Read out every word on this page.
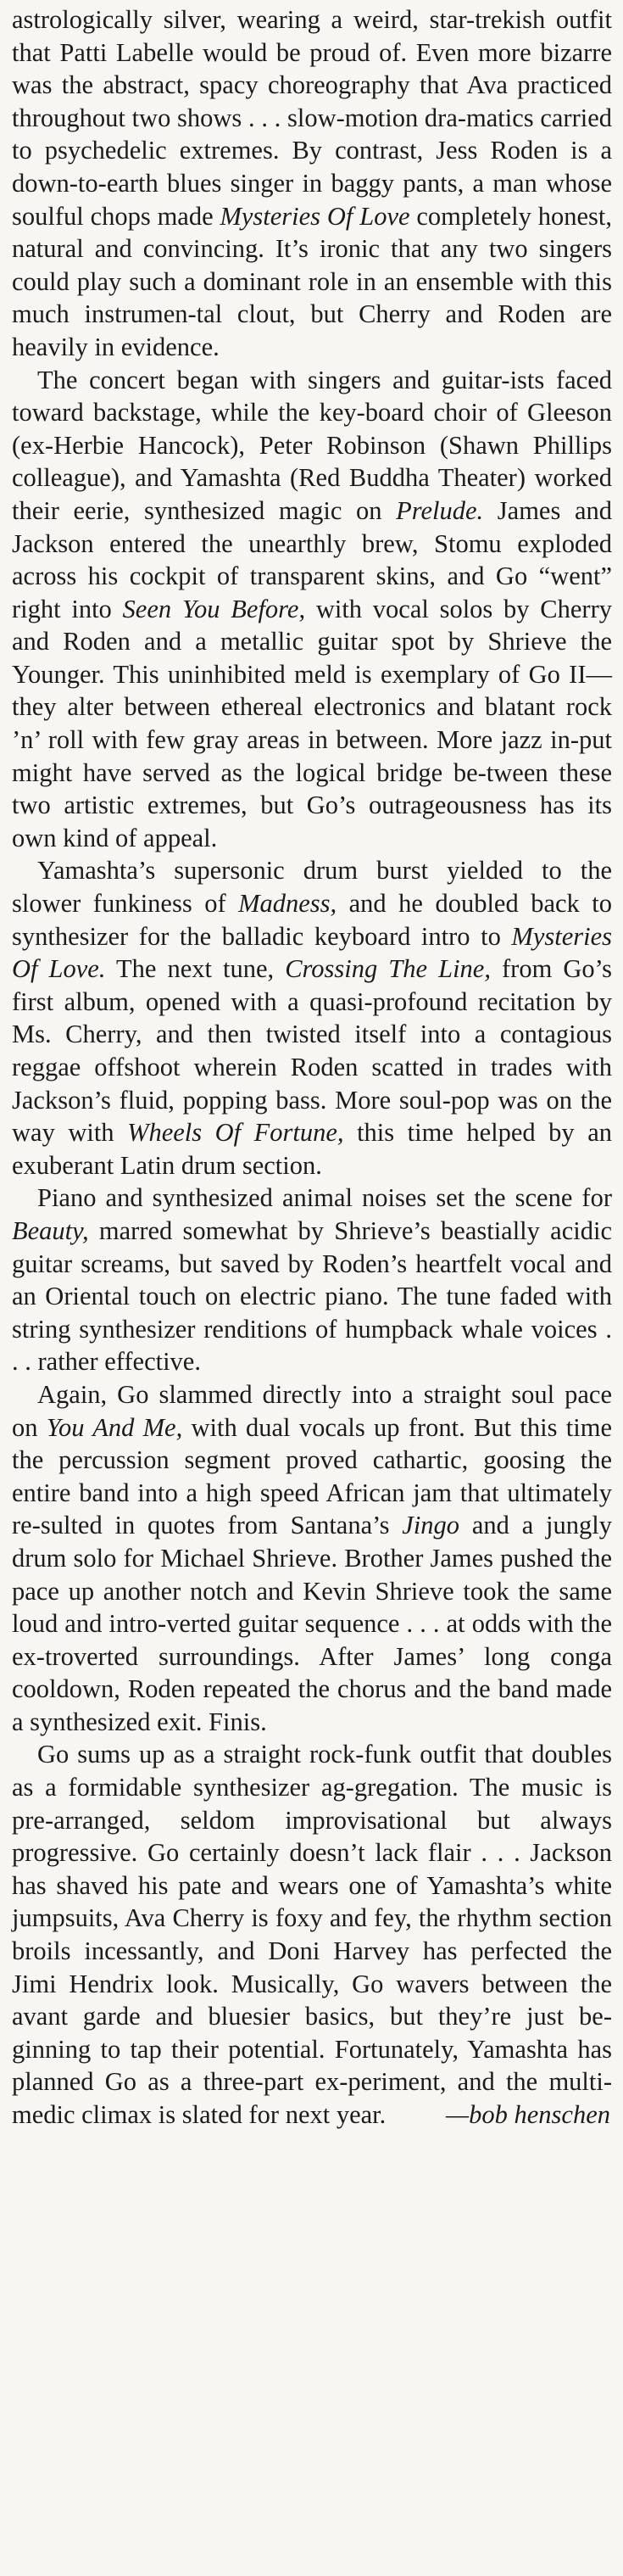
astrologically silver, wearing a weird, star-trekish outfit that Patti Labelle would be proud of. Even more bizarre was the abstract, spacy choreography that Ava practiced throughout two shows . . . slow-motion dra-matics carried to psychedelic extremes. By contrast, Jess Roden is a down-to-earth blues singer in baggy pants, a man whose soulful chops made Mysteries Of Love completely honest, natural and convincing. It’s ironic that any two singers could play such a dominant role in an ensemble with this much instrumen-tal clout, but Cherry and Roden are heavily in evidence.

The concert began with singers and guitar-ists faced toward backstage, while the key-board choir of Gleeson (ex-Herbie Hancock), Peter Robinson (Shawn Phillips colleague), and Yamashta (Red Buddha Theater) worked their eerie, synthesized magic on Prelude. James and Jackson entered the unearthly brew, Stomu exploded across his cockpit of transparent skins, and Go “went” right into Seen You Before, with vocal solos by Cherry and Roden and a metallic guitar spot by Shrieve the Younger. This uninhibited meld is exemplary of Go II—they alter between ethereal electronics and blatant rock ’n’ roll with few gray areas in between. More jazz in-put might have served as the logical bridge be-tween these two artistic extremes, but Go’s outrageousness has its own kind of appeal.

Yamashta’s supersonic drum burst yielded to the slower funkiness of Madness, and he doubled back to synthesizer for the balladic keyboard intro to Mysteries Of Love. The next tune, Crossing The Line, from Go’s first album, opened with a quasi-profound recitation by Ms. Cherry, and then twisted itself into a contagious reggae offshoot wherein Roden scatted in trades with Jackson’s fluid, popping bass. More soul-pop was on the way with Wheels Of Fortune, this time helped by an exuberant Latin drum section.

Piano and synthesized animal noises set the scene for Beauty, marred somewhat by Shrieve’s beastially acidic guitar screams, but saved by Roden’s heartfelt vocal and an Oriental touch on electric piano. The tune faded with string synthesizer renditions of humpback whale voices . . . rather effective.

Again, Go slammed directly into a straight soul pace on You And Me, with dual vocals up front. But this time the percussion segment proved cathartic, goosing the entire band into a high speed African jam that ultimately re-sulted in quotes from Santana’s Jingo and a jungly drum solo for Michael Shrieve. Brother James pushed the pace up another notch and Kevin Shrieve took the same loud and intro-verted guitar sequence . . . at odds with the ex-troverted surroundings. After James’ long conga cooldown, Roden repeated the chorus and the band made a synthesized exit. Finis.

Go sums up as a straight rock-funk outfit that doubles as a formidable synthesizer ag-gregation. The music is pre-arranged, seldom improvisational but always progressive. Go certainly doesn’t lack flair . . . Jackson has shaved his pate and wears one of Yamashta’s white jumpsuits, Ava Cherry is foxy and fey, the rhythm section broils incessantly, and Doni Harvey has perfected the Jimi Hendrix look. Musically, Go wavers between the avant garde and bluesier basics, but they’re just be-ginning to tap their potential. Fortunately, Yamashta has planned Go as a three-part ex-periment, and the multi-medic climax is slated for next year.	—bob henschen
